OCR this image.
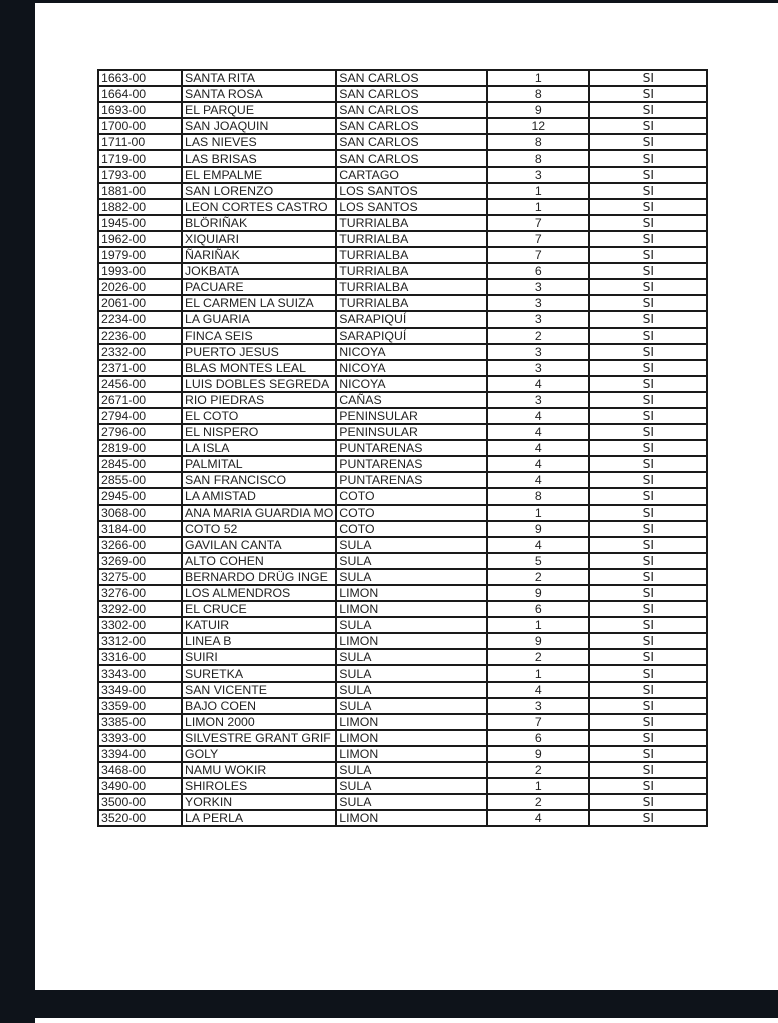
1663-00	SANTA RITA	SAN CARLOS	1	SI
1664-00	SANTA ROSA	SAN CARLOS	8	SI
1693-00	EL PARQUE	SAN CARLOS	9	SI
1700-00	SAN JOAQUIN	SAN CARLOS	12	SI
1711-00	LAS NIEVES	SAN CARLOS	8	SI
1719-00	LAS BRISAS	SAN CARLOS	8	SI
1793-00	EL EMPALME	CARTAGO	3	SI
1881-00	SAN LORENZO	LOS SANTOS	1	SI
1882-00	LEON CORTES CASTRO	LOS SANTOS	1	SI
1945-00	BLÖRIÑAK	TURRIALBA	7	SI
1962-00	XIQUIARI	TURRIALBA	7	SI
1979-00	ÑARIÑAK	TURRIALBA	7	SI
1993-00	JOKBATA	TURRIALBA	6	SI
2026-00	PACUARE	TURRIALBA	3	SI
2061-00	EL CARMEN LA SUIZA	TURRIALBA	3	SI
2234-00	LA GUARIA	SARAPIQUÍ	3	SI
2236-00	FINCA SEIS	SARAPIQUÍ	2	SI
2332-00	PUERTO JESUS	NICOYA	3	SI
2371-00	BLAS MONTES LEAL	NICOYA	3	SI
2456-00	LUIS DOBLES SEGREDA	NICOYA	4	SI
2671-00	RIO PIEDRAS	CAÑAS	3	SI
2794-00	EL COTO	PENINSULAR	4	SI
2796-00	EL NISPERO	PENINSULAR	4	SI
2819-00	LA ISLA	PUNTARENAS	4	SI
2845-00	PALMITAL	PUNTARENAS	4	SI
2855-00	SAN FRANCISCO	PUNTARENAS	4	SI
2945-00	LA AMISTAD	COTO	8	SI
3068-00	ANA MARIA GUARDIA MO	COTO	1	SI
3184-00	COTO 52	COTO	9	SI
3266-00	GAVILAN CANTA	SULA	4	SI
3269-00	ALTO COHEN	SULA	5	SI
3275-00	BERNARDO DRÜG INGE	SULA	2	SI
3276-00	LOS ALMENDROS	LIMON	9	SI
3292-00	EL CRUCE	LIMON	6	SI
3302-00	KATUIR	SULA	1	SI
3312-00	LINEA B	LIMON	9	SI
3316-00	SUIRI	SULA	2	SI
3343-00	SURETKA	SULA	1	SI
3349-00	SAN VICENTE	SULA	4	SI
3359-00	BAJO COEN	SULA	3	SI
3385-00	LIMON 2000	LIMON	7	SI
3393-00	SILVESTRE GRANT GRIF	LIMON	6	SI
3394-00	GOLY	LIMON	9	SI
3468-00	NAMU WOKIR	SULA	2	SI
3490-00	SHIROLES	SULA	1	SI
3500-00	YORKIN	SULA	2	SI
3520-00	LA PERLA	LIMON	4	SI
